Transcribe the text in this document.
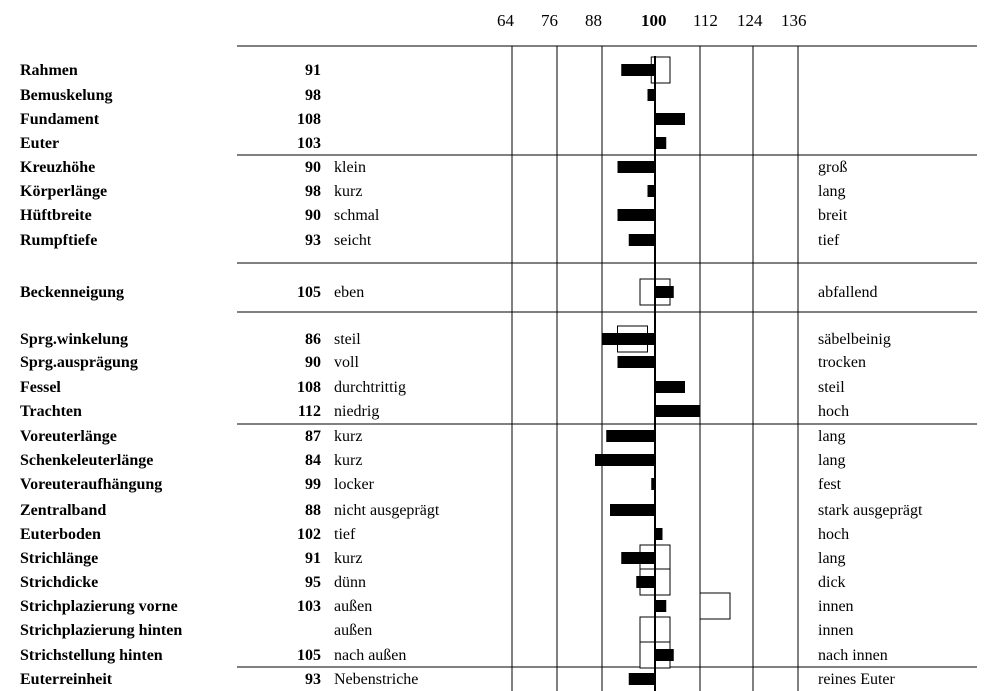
64 76 88 100 112 124 136
Rahmen	91
Bemuskelung	98
Fundament	108
Euter	103
Kreuzhöhe	90 klein	groß
Körperlänge	98 kurz	lang
Hüftbreite	90 schmal	breit
Rumpftiefe	93 seicht	tief
Beckenneigung	105 eben	abfallend
Sprg.winkelung	86 steil	säbelbeinig
Sprg.ausprägung	90 voll	trocken
Fessel	108 durchtrittig	steil
Trachten	112 niedrig	hoch
Voreuterlänge	87 kurz	lang
Schenkeleuterlänge	84 kurz	lang
Voreuteraufhängung	99 locker	fest
Zentralband	88 nicht ausgeprägt	stark ausgeprägt
Euterboden	102 tief	hoch
Strichlänge	91 kurz	lang
Strichdicke	95 dünn	dick
Strichplazierung vorne	103 außen	innen
Strichplazierung hinten	außen	innen
Strichstellung hinten	105 nach außen	nach innen
Euterreinheit	93 Nebenstriche	reines Euter
